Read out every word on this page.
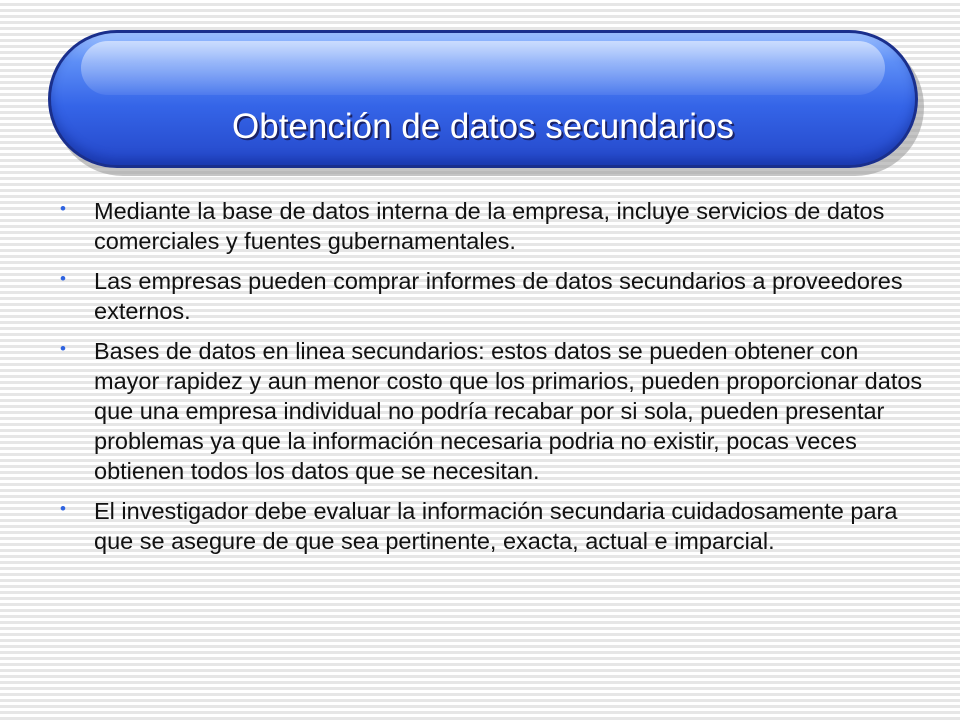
Obtención de datos secundarios
• Mediante la base de datos interna de la empresa, incluye servicios de datos comerciales y fuentes gubernamentales.
• Las empresas pueden comprar informes de datos secundarios a proveedores externos.
• Bases de datos en linea secundarios: estos datos se pueden obtener con mayor rapidez y aun menor costo que los primarios, pueden proporcionar datos que una empresa individual no podría recabar por si sola, pueden presentar problemas ya que la información necesaria podria no existir, pocas veces obtienen todos los datos que se necesitan.
• El investigador debe evaluar la información secundaria cuidadosamente para que se asegure de que sea pertinente, exacta, actual e imparcial.
